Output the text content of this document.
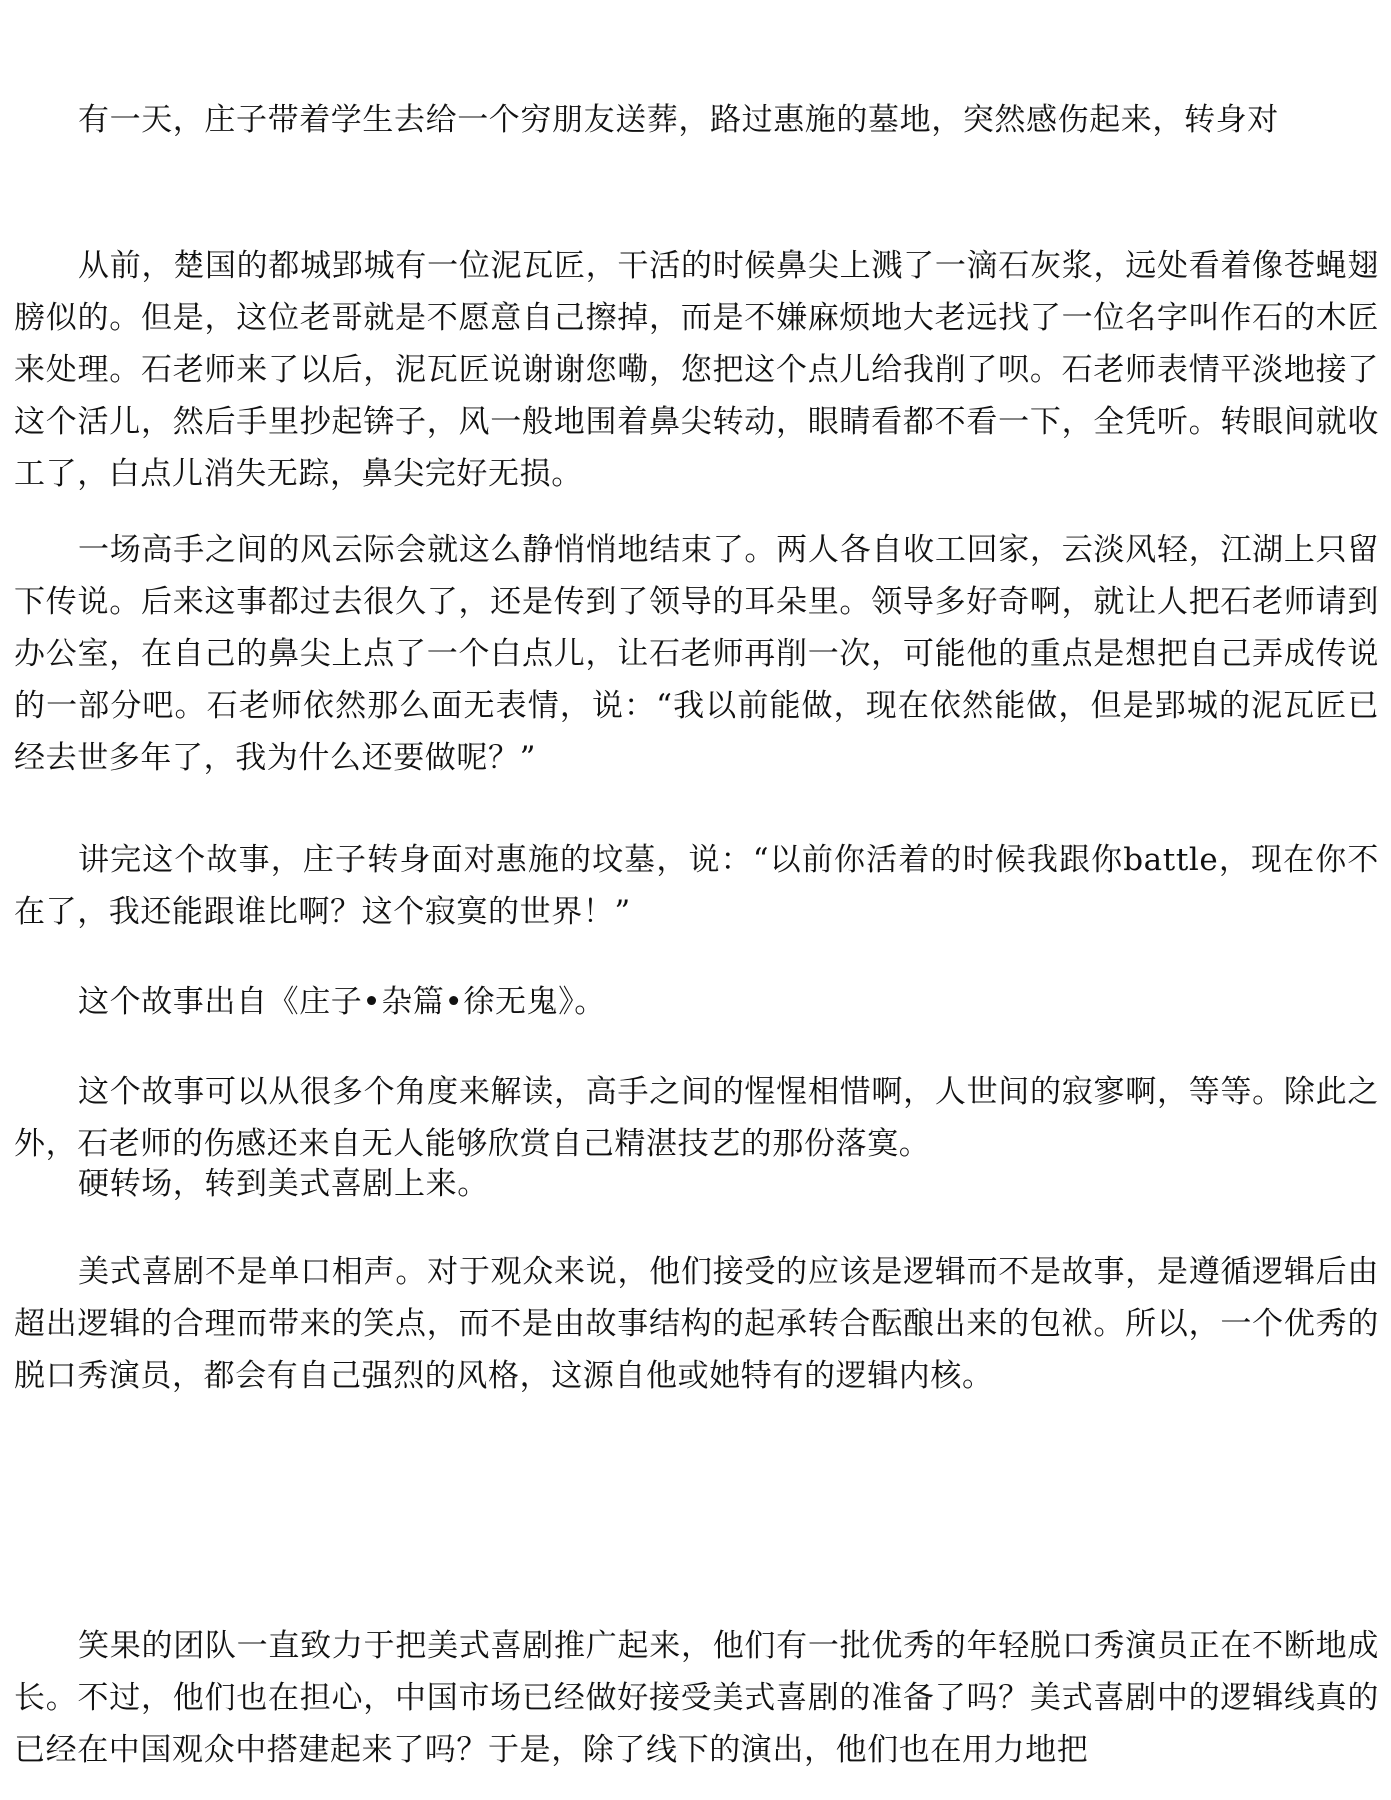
有一天，庄子带着学生去给一个穷朋友送葬，路过惠施的墓地，突然感伤起来，转身对

从前，楚国的都城郢城有一位泥瓦匠，干活的时候鼻尖上溅了一滴石灰浆，远处看着像苍蝇翅膀似的。但是，这位老哥就是不愿意自己擦掉，而是不嫌麻烦地大老远找了一位名字叫作石的木匠来处理。石老师来了以后，泥瓦匠说谢谢您嘞，您把这个点儿给我削了呗。石老师表情平淡地接了这个活儿，然后手里抄起锛子，风一般地围着鼻尖转动，眼睛看都不看一下，全凭听。转眼间就收工了，白点儿消失无踪，鼻尖完好无损。

一场高手之间的风云际会就这么静悄悄地结束了。两人各自收工回家，云淡风轻，江湖上只留下传说。后来这事都过去很久了，还是传到了领导的耳朵里。领导多好奇啊，就让人把石老师请到办公室，在自己的鼻尖上点了一个白点儿，让石老师再削一次，可能他的重点是想把自己弄成传说的一部分吧。石老师依然那么面无表情，说：“我以前能做，现在依然能做，但是郢城的泥瓦匠已经去世多年了，我为什么还要做呢？”

讲完这个故事，庄子转身面对惠施的坟墓，说：“以前你活着的时候我跟你battle，现在你不在了，我还能跟谁比啊？这个寂寞的世界！”

这个故事出自《庄子•杂篇•徐无鬼》。

这个故事可以从很多个角度来解读，高手之间的惺惺相惜啊，人世间的寂寥啊，等等。除此之外，石老师的伤感还来自无人能够欣赏自己精湛技艺的那份落寞。

硬转场，转到美式喜剧上来。

美式喜剧不是单口相声。对于观众来说，他们接受的应该是逻辑而不是故事，是遵循逻辑后由超出逻辑的合理而带来的笑点，而不是由故事结构的起承转合酝酿出来的包袱。所以，一个优秀的脱口秀演员，都会有自己强烈的风格，这源自他或她特有的逻辑内核。

笑果的团队一直致力于把美式喜剧推广起来，他们有一批优秀的年轻脱口秀演员正在不断地成长。不过，他们也在担心，中国市场已经做好接受美式喜剧的准备了吗？美式喜剧中的逻辑线真的已经在中国观众中搭建起来了吗？于是，除了线下的演出，他们也在用力地把
